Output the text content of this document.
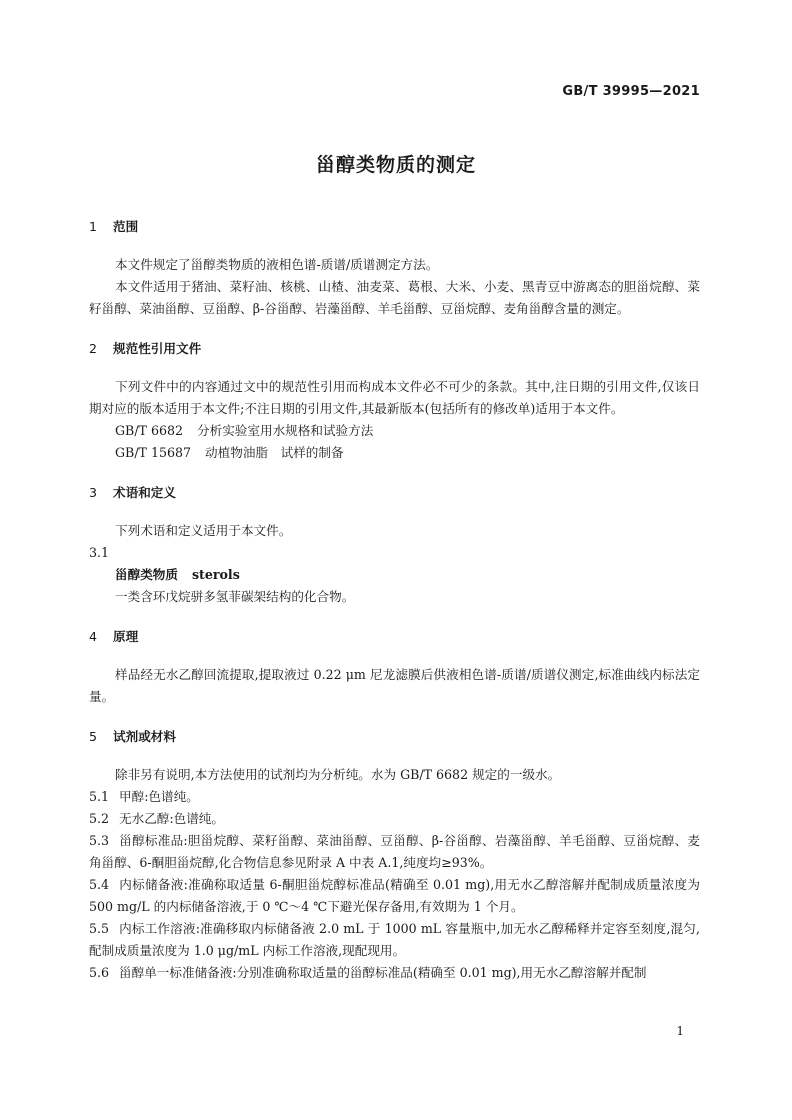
GB/T 39995—2021
甾醇类物质的测定

1 范围

本文件规定了甾醇类物质的液相色谱-质谱/质谱测定方法。

本文件适用于猪油、菜籽油、核桃、山楂、油麦菜、葛根、大米、小麦、黑青豆中游离态的胆甾烷醇、菜籽甾醇、菜油甾醇、豆甾醇、β-谷甾醇、岩藻甾醇、羊毛甾醇、豆甾烷醇、麦角甾醇含量的测定。

2 规范性引用文件

下列文件中的内容通过文中的规范性引用而构成本文件必不可少的条款。其中,注日期的引用文件,仅该日期对应的版本适用于本文件;不注日期的引用文件,其最新版本(包括所有的修改单)适用于本文件。

GB/T 6682 分析实验室用水规格和试验方法

GB/T 15687 动植物油脂　试样的制备

3 术语和定义

下列术语和定义适用于本文件。

3.1

甾醇类物质 sterols

一类含环戊烷骈多氢菲碳架结构的化合物。

4 原理

样品经无水乙醇回流提取,提取液过 0.22 μm 尼龙滤膜后供液相色谱-质谱/质谱仪测定,标准曲线内标法定量。

5 试剂或材料

除非另有说明,本方法使用的试剂均为分析纯。水为 GB/T 6682 规定的一级水。

5.1 甲醇:色谱纯。

5.2 无水乙醇:色谱纯。

5.3 甾醇标准品:胆甾烷醇、菜籽甾醇、菜油甾醇、豆甾醇、β-谷甾醇、岩藻甾醇、羊毛甾醇、豆甾烷醇、麦角甾醇、6-酮胆甾烷醇,化合物信息参见附录 A 中表 A.1,纯度均≥93%。

5.4 内标储备液:准确称取适量 6-酮胆甾烷醇标准品(精确至 0.01 mg),用无水乙醇溶解并配制成质量浓度为 500 mg/L 的内标储备溶液,于 0 ℃～4 ℃下避光保存备用,有效期为 1 个月。

5.5 内标工作溶液:准确移取内标储备液 2.0 mL 于 1000 mL 容量瓶中,加无水乙醇稀释并定容至刻度,混匀,配制成质量浓度为 1.0 μg/mL 内标工作溶液,现配现用。

5.6 甾醇单一标准储备液:分别准确称取适量的甾醇标准品(精确至 0.01 mg),用无水乙醇溶解并配制

1
